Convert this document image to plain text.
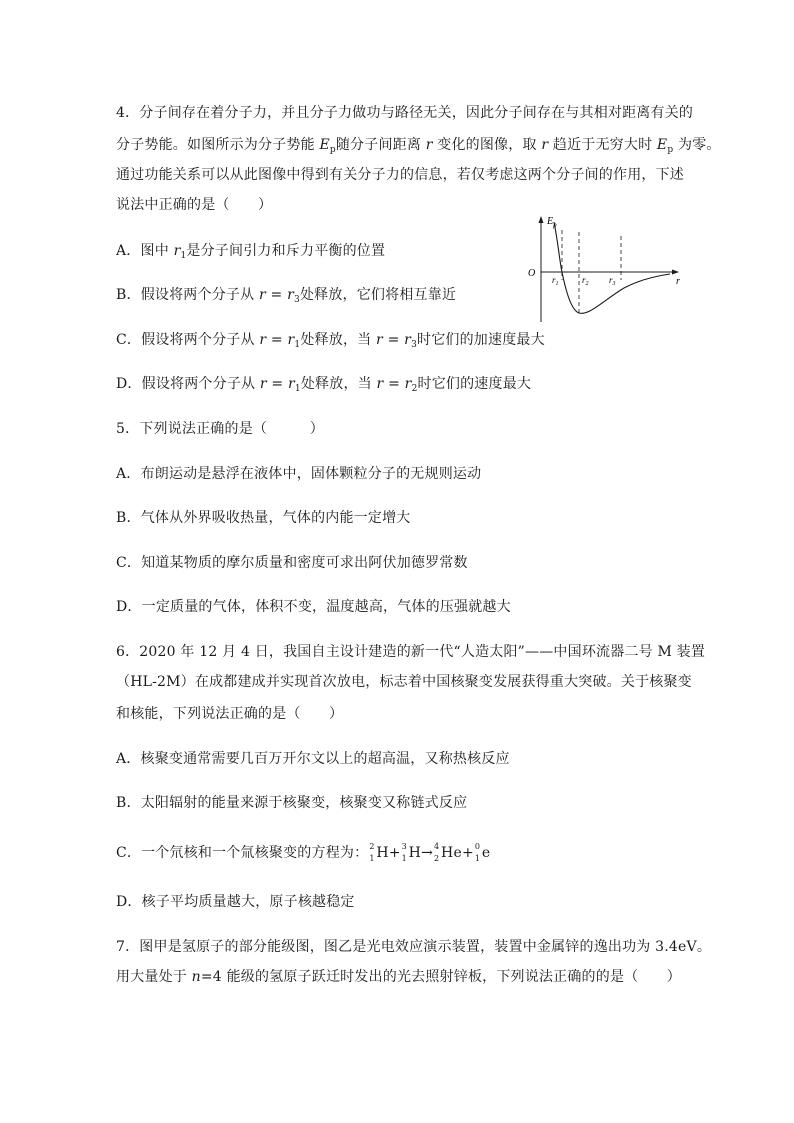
4．分子间存在着分子力，并且分子力做功与路径无关，因此分子间存在与其相对距离有关的
分子势能。如图所示为分子势能 $E_p$随分子间距离 r 变化的图像，取 r 趋近于无穷大时 $E_p$ 为零。
通过功能关系可以从此图像中得到有关分子力的信息，若仅考虑这两个分子间的作用，下述
说法中正确的是（　　）
A．图中 $r_1$是分子间引力和斥力平衡的位置
B．假设将两个分子从 $r = r_3$处释放，它们将相互靠近
C．假设将两个分子从 $r = r_1$处释放，当 $r = r_3$时它们的加速度最大
D．假设将两个分子从 $r = r_1$处释放，当 $r = r_2$时它们的速度最大
$E_p$
O
r
$r_1$	$r_2$ $r_3$
5．下列说法正确的是（　　　）
A．布朗运动是悬浮在液体中，固体颗粒分子的无规则运动
B．气体从外界吸收热量，气体的内能一定增大
C．知道某物质的摩尔质量和密度可求出阿伏加德罗常数
D．一定质量的气体，体积不变，温度越高，气体的压强就越大
6．2020 年 12 月 4 日，我国自主设计建造的新一代“人造太阳”——中国环流器二号 M 装置
（HL-2M）在成都建成并实现首次放电，标志着中国核聚变发展获得重大突破。关于核聚变
和核能，下列说法正确的是（　　）
A．核聚变通常需要几百万开尔文以上的超高温，又称热核反应
B．太阳辐射的能量来源于核聚变，核聚变又称链式反应
C．一个氘核和一个氚核聚变的方程为： 2
1 H+ 3
1 H→ 4
2 He+ 0
1 e
D．核子平均质量越大，原子核越稳定
7．图甲是氢原子的部分能级图，图乙是光电效应演示装置，装置中金属锌的逸出功为 3.4eV。
用大量处于 n=4 能级的氢原子跃迁时发出的光去照射锌板，下列说法正确的的是（　　）
